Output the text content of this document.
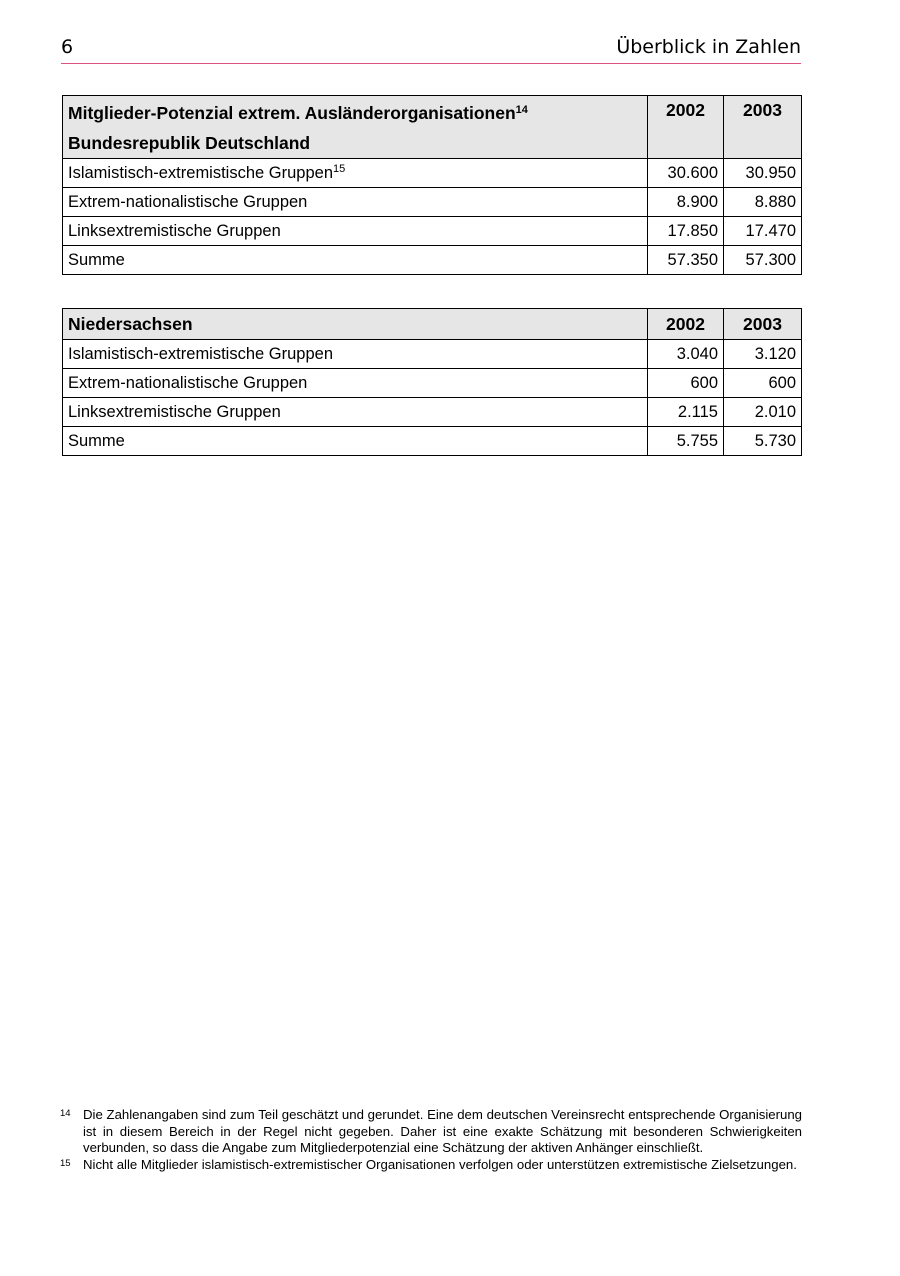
6	Überblick in Zahlen
Mitglieder-Potenzial extrem. Ausländerorganisationen$^{14}$
Bundesrepublik Deutschland	2002	2003
Islamistisch-extremistische Gruppen$^{15}$	30.600	30.950
Extrem-nationalistische Gruppen	8.900	8.880
Linksextremistische Gruppen	17.850	17.470
Summe	57.350	57.300
Niedersachsen	2002	2003
Islamistisch-extremistische Gruppen	3.040	3.120
Extrem-nationalistische Gruppen	600	600
Linksextremistische Gruppen	2.115	2.010
Summe	5.755	5.730
14 Die Zahlenangaben sind zum Teil geschätzt und gerundet. Eine dem deutschen Vereinsrecht entsprechende Organisierung ist in diesem Bereich in der Regel nicht gegeben. Daher ist eine exakte Schätzung mit besonderen Schwierigkeiten verbunden, so dass die Angabe zum Mitgliederpotenzial eine Schätzung der aktiven Anhänger einschließt.
15 Nicht alle Mitglieder islamistisch-extremistischer Organisationen verfolgen oder unterstützen extremistische Zielsetzungen.
